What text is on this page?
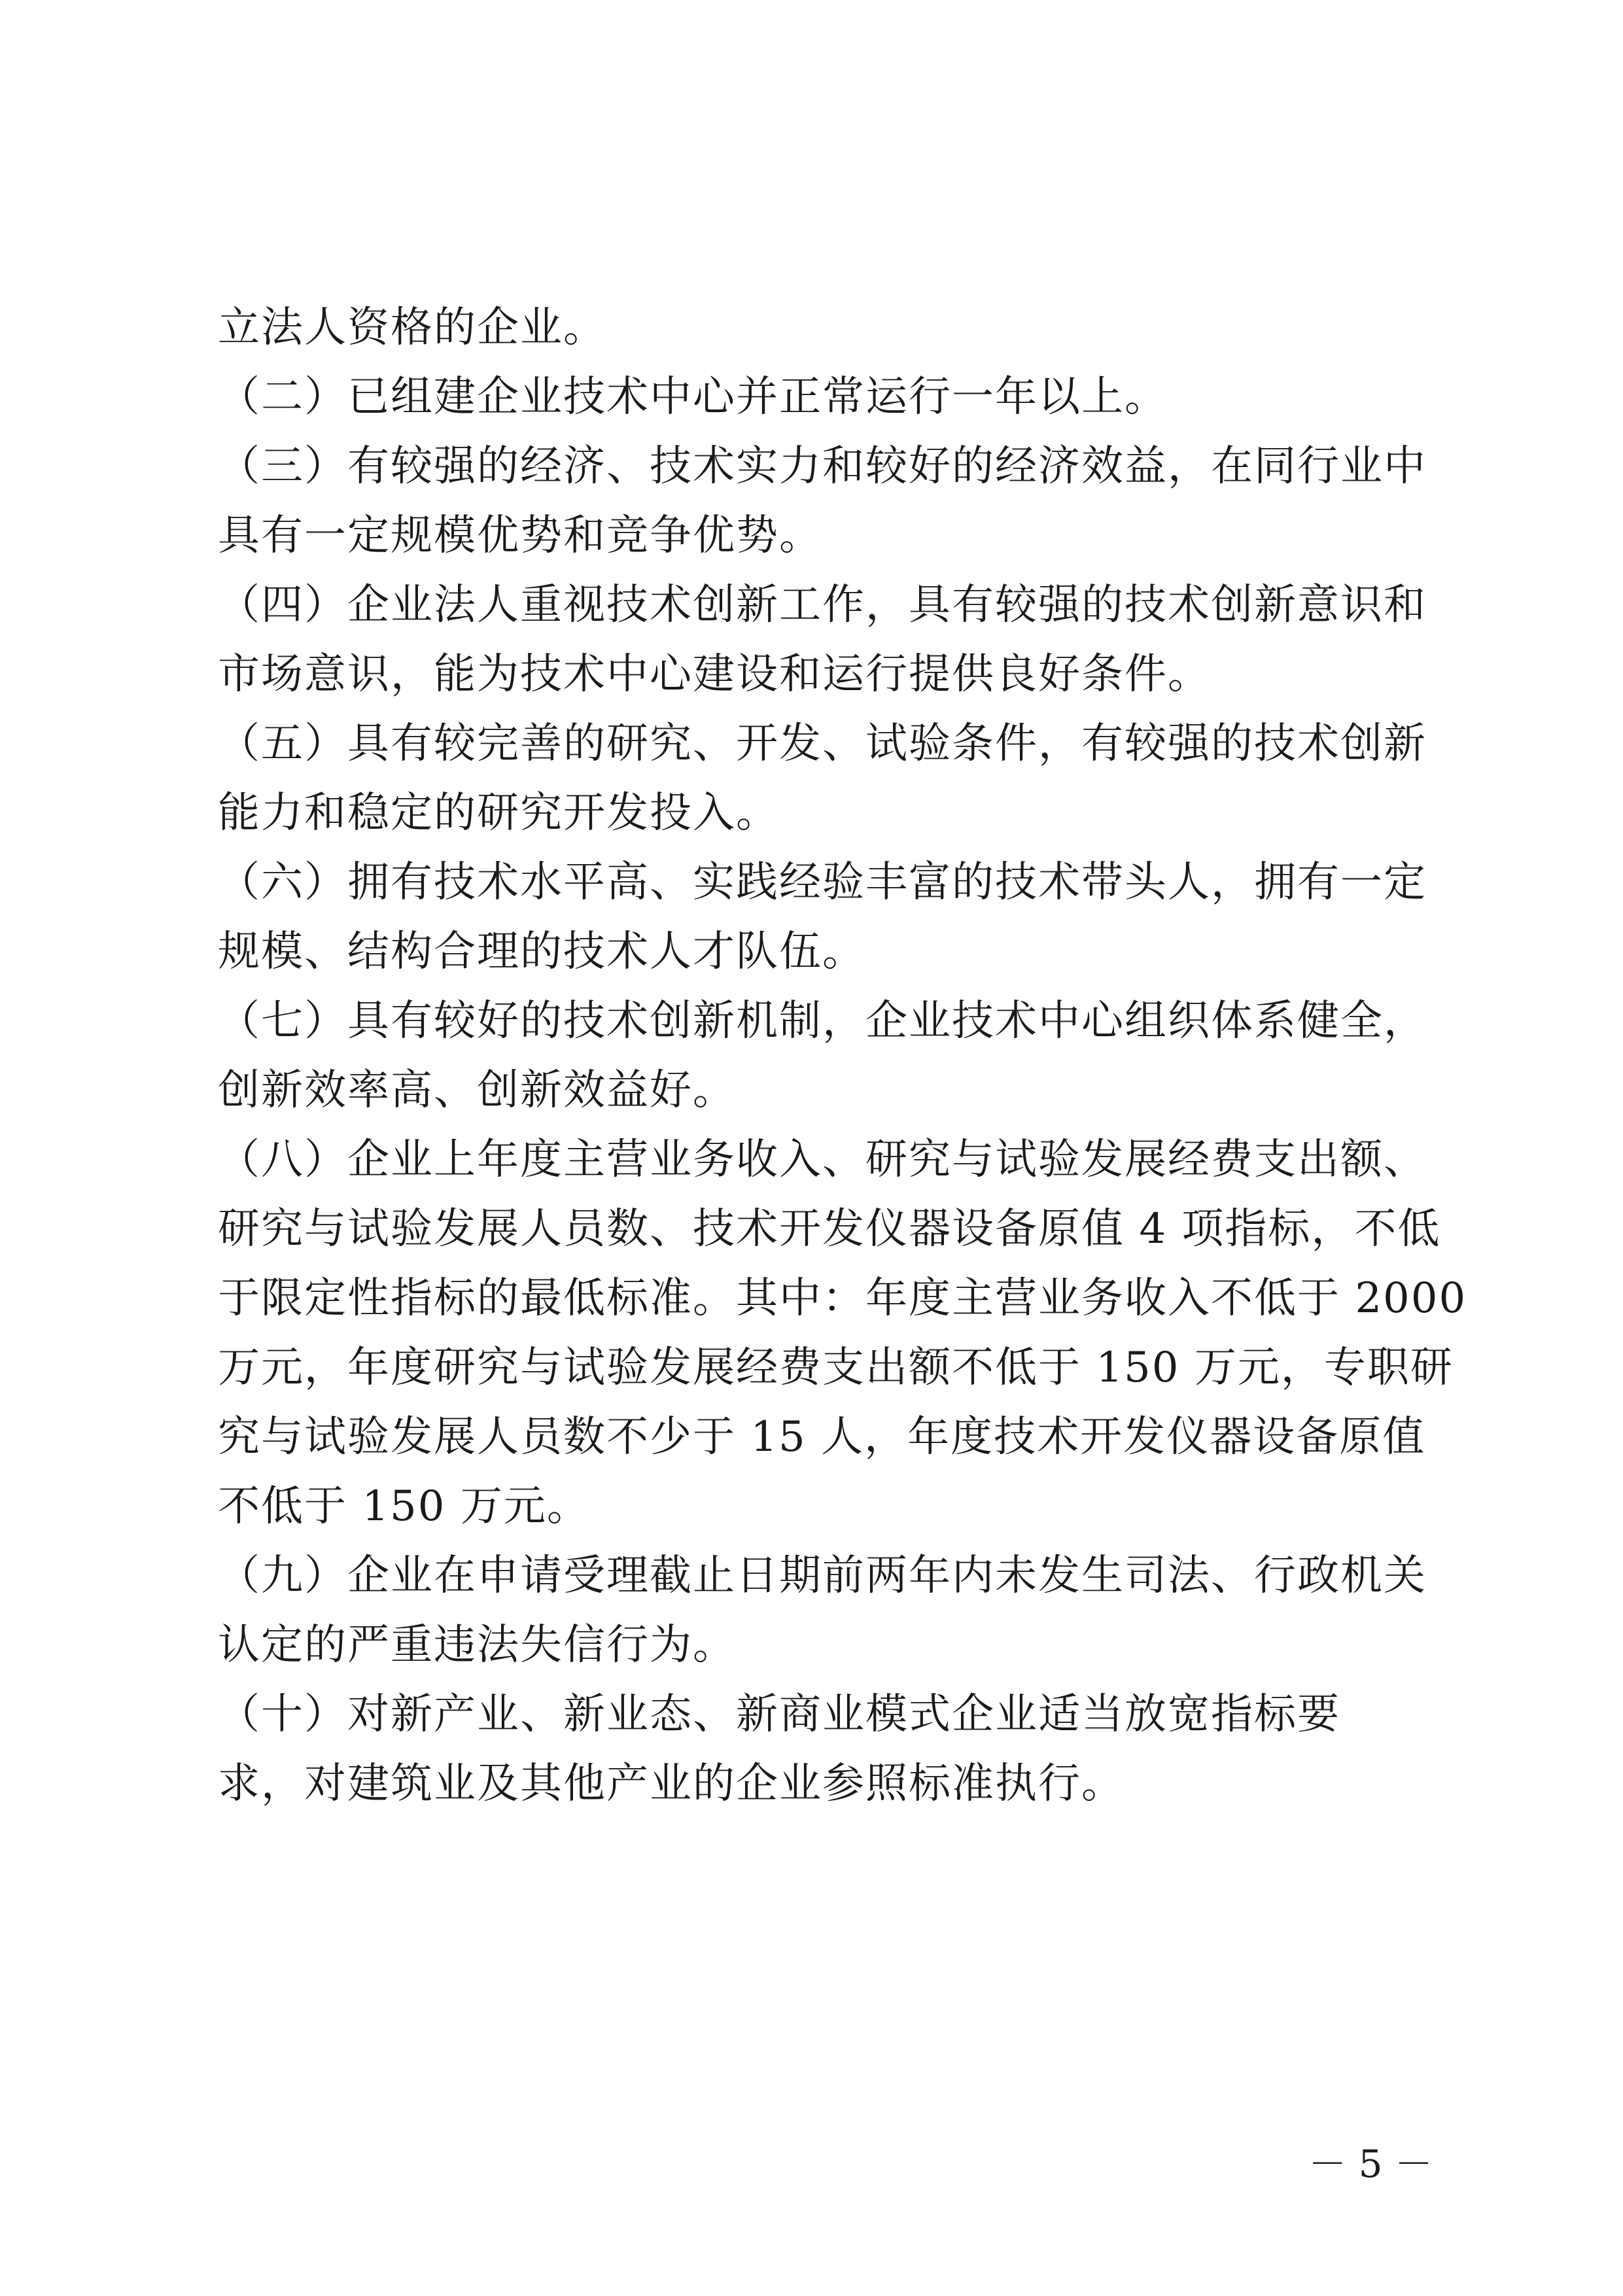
立法人资格的企业。
（二）已组建企业技术中心并正常运行一年以上。
（三）有较强的经济、技术实力和较好的经济效益，在同行业中
具有一定规模优势和竞争优势。
（四）企业法人重视技术创新工作，具有较强的技术创新意识和
市场意识，能为技术中心建设和运行提供良好条件。
（五）具有较完善的研究、开发、试验条件，有较强的技术创新
能力和稳定的研究开发投入。
（六）拥有技术水平高、实践经验丰富的技术带头人，拥有一定
规模、结构合理的技术人才队伍。
（七）具有较好的技术创新机制，企业技术中心组织体系健全，
创新效率高、创新效益好。
（八）企业上年度主营业务收入、研究与试验发展经费支出额、
研究与试验发展人员数、技术开发仪器设备原值 4 项指标，不低
于限定性指标的最低标准。其中：年度主营业务收入不低于 2000
万元，年度研究与试验发展经费支出额不低于 150 万元，专职研
究与试验发展人员数不少于 15 人，年度技术开发仪器设备原值
不低于 150 万元。
（九）企业在申请受理截止日期前两年内未发生司法、行政机关
认定的严重违法失信行为。
（十）对新产业、新业态、新商业模式企业适当放宽指标要
求，对建筑业及其他产业的企业参照标准执行。
－ 5 －
